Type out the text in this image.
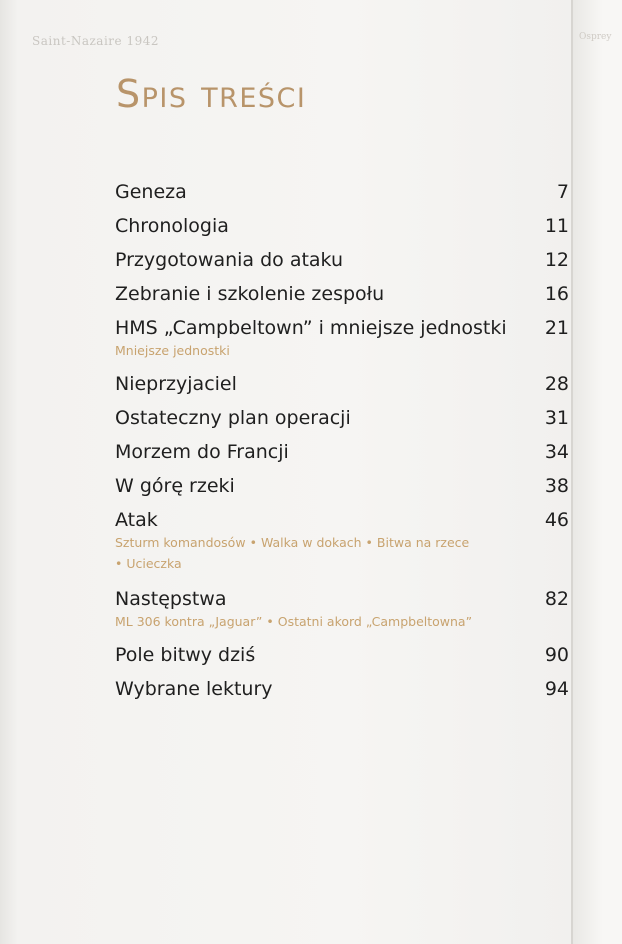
Saint-Nazaire 1942
Spis treści
Geneza	7
Chronologia	11
Przygotowania do ataku	12
Zebranie i szkolenie zespołu	16
HMS „Campbeltown” i mniejsze jednostki 21
Mniejsze jednostki
Nieprzyjaciel	28
Ostateczny plan operacji	31
Morzem do Francji	34
W górę rzeki	38
Atak	46
Szturm komandosów • Walka w dokach • Bitwa na rzece
• Ucieczka
Następstwa	82
ML 306 kontra „Jaguar” • Ostatni akord „Campbeltowna”
Pole bitwy dziś	90
Wybrane lektury	94
Osprey
